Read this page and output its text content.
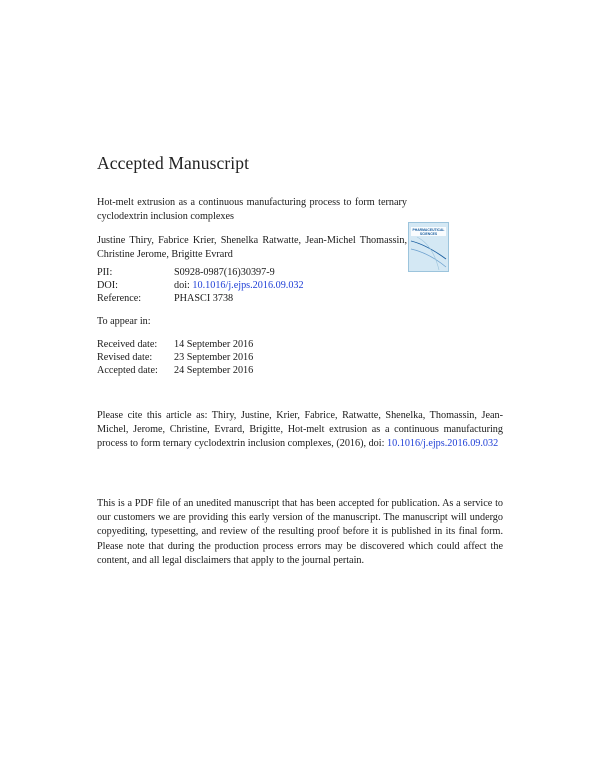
Accepted Manuscript
Hot-melt extrusion as a continuous manufacturing process to form ternary cyclodextrin inclusion complexes
Justine Thiry, Fabrice Krier, Shenelka Ratwatte, Jean-Michel Thomassin, Christine Jerome, Brigitte Evrard
PHARMACEUTICAL
SCIENCES
PII:	S0928-0987(16)30397-9
DOI:	doi: 10.1016/j.ejps.2016.09.032
Reference:	PHASCI 3738
To appear in:
Received date:	14 September 2016
Revised date:	23 September 2016
Accepted date:	24 September 2016
Please cite this article as: Thiry, Justine, Krier, Fabrice, Ratwatte, Shenelka, Thomassin, Jean-Michel, Jerome, Christine, Evrard, Brigitte, Hot-melt extrusion as a continuous manufacturing process to form ternary cyclodextrin inclusion complexes, (2016), doi: 10.1016/j.ejps.2016.09.032
This is a PDF file of an unedited manuscript that has been accepted for publication. As a service to our customers we are providing this early version of the manuscript. The manuscript will undergo copyediting, typesetting, and review of the resulting proof before it is published in its final form. Please note that during the production process errors may be discovered which could affect the content, and all legal disclaimers that apply to the journal pertain.
